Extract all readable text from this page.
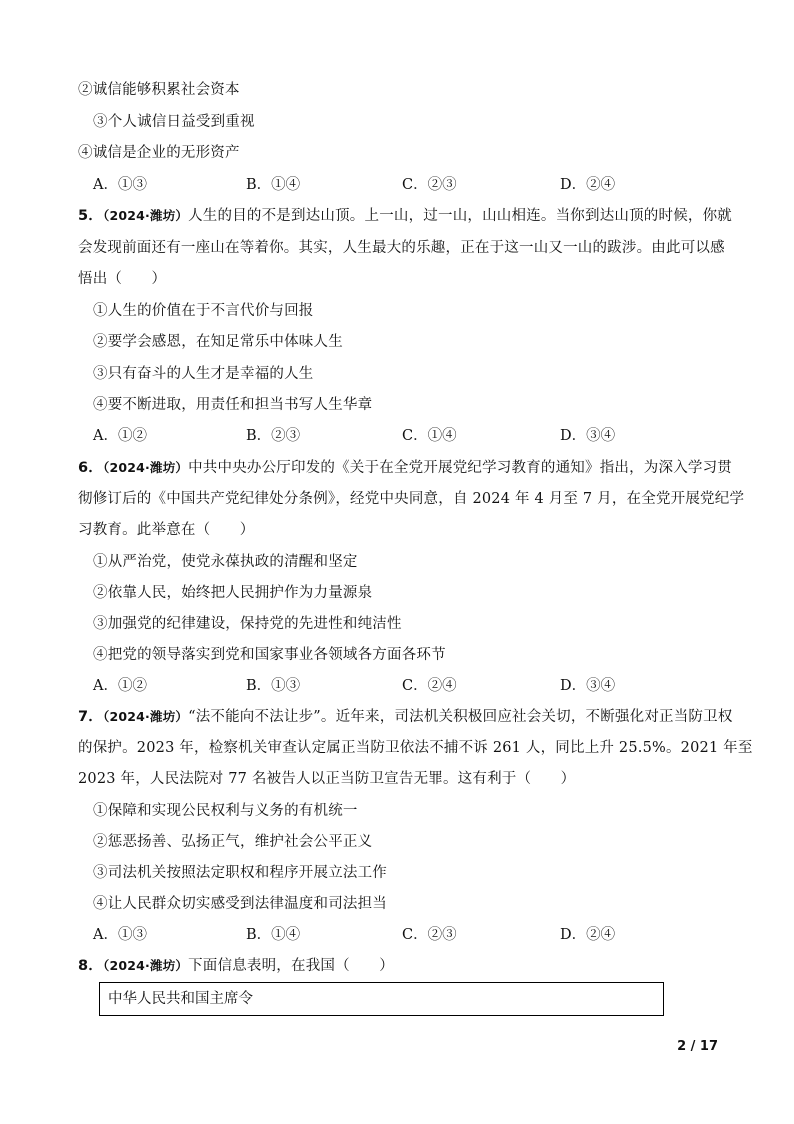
②诚信能够积累社会资本
③个人诚信日益受到重视
④诚信是企业的无形资产
A．①③	B．①④	C．②③	D．②④
5．（2024·潍坊）人生的目的不是到达山顶。上一山，过一山，山山相连。当你到达山顶的时候，你就
会发现前面还有一座山在等着你。其实，人生最大的乐趣，正在于这一山又一山的跋涉。由此可以感
悟出（　　）
①人生的价值在于不言代价与回报
②要学会感恩，在知足常乐中体味人生
③只有奋斗的人生才是幸福的人生
④要不断进取，用责任和担当书写人生华章
A．①②	B．②③	C．①④	D．③④
6．（2024·潍坊）中共中央办公厅印发的《关于在全党开展党纪学习教育的通知》指出，为深入学习贯
彻修订后的《中国共产党纪律处分条例》，经党中央同意，自 2024 年 4 月至 7 月，在全党开展党纪学
习教育。此举意在（　　）
①从严治党，使党永葆执政的清醒和坚定
②依靠人民，始终把人民拥护作为力量源泉
③加强党的纪律建设，保持党的先进性和纯洁性
④把党的领导落实到党和国家事业各领域各方面各环节
A．①②	B．①③	C．②④	D．③④
7．（2024·潍坊）“法不能向不法让步”。近年来，司法机关积极回应社会关切，不断强化对正当防卫权
的保护。2023 年，检察机关审查认定属正当防卫依法不捕不诉 261 人，同比上升 25.5%。2021 年至
2023 年，人民法院对 77 名被告人以正当防卫宣告无罪。这有利于（　　）
①保障和实现公民权利与义务的有机统一
②惩恶扬善、弘扬正气，维护社会公平正义
③司法机关按照法定职权和程序开展立法工作
④让人民群众切实感受到法律温度和司法担当
A．①③	B．①④	C．②③	D．②④
8．（2024·潍坊）下面信息表明，在我国（　　）
中华人民共和国主席令
2 / 17
